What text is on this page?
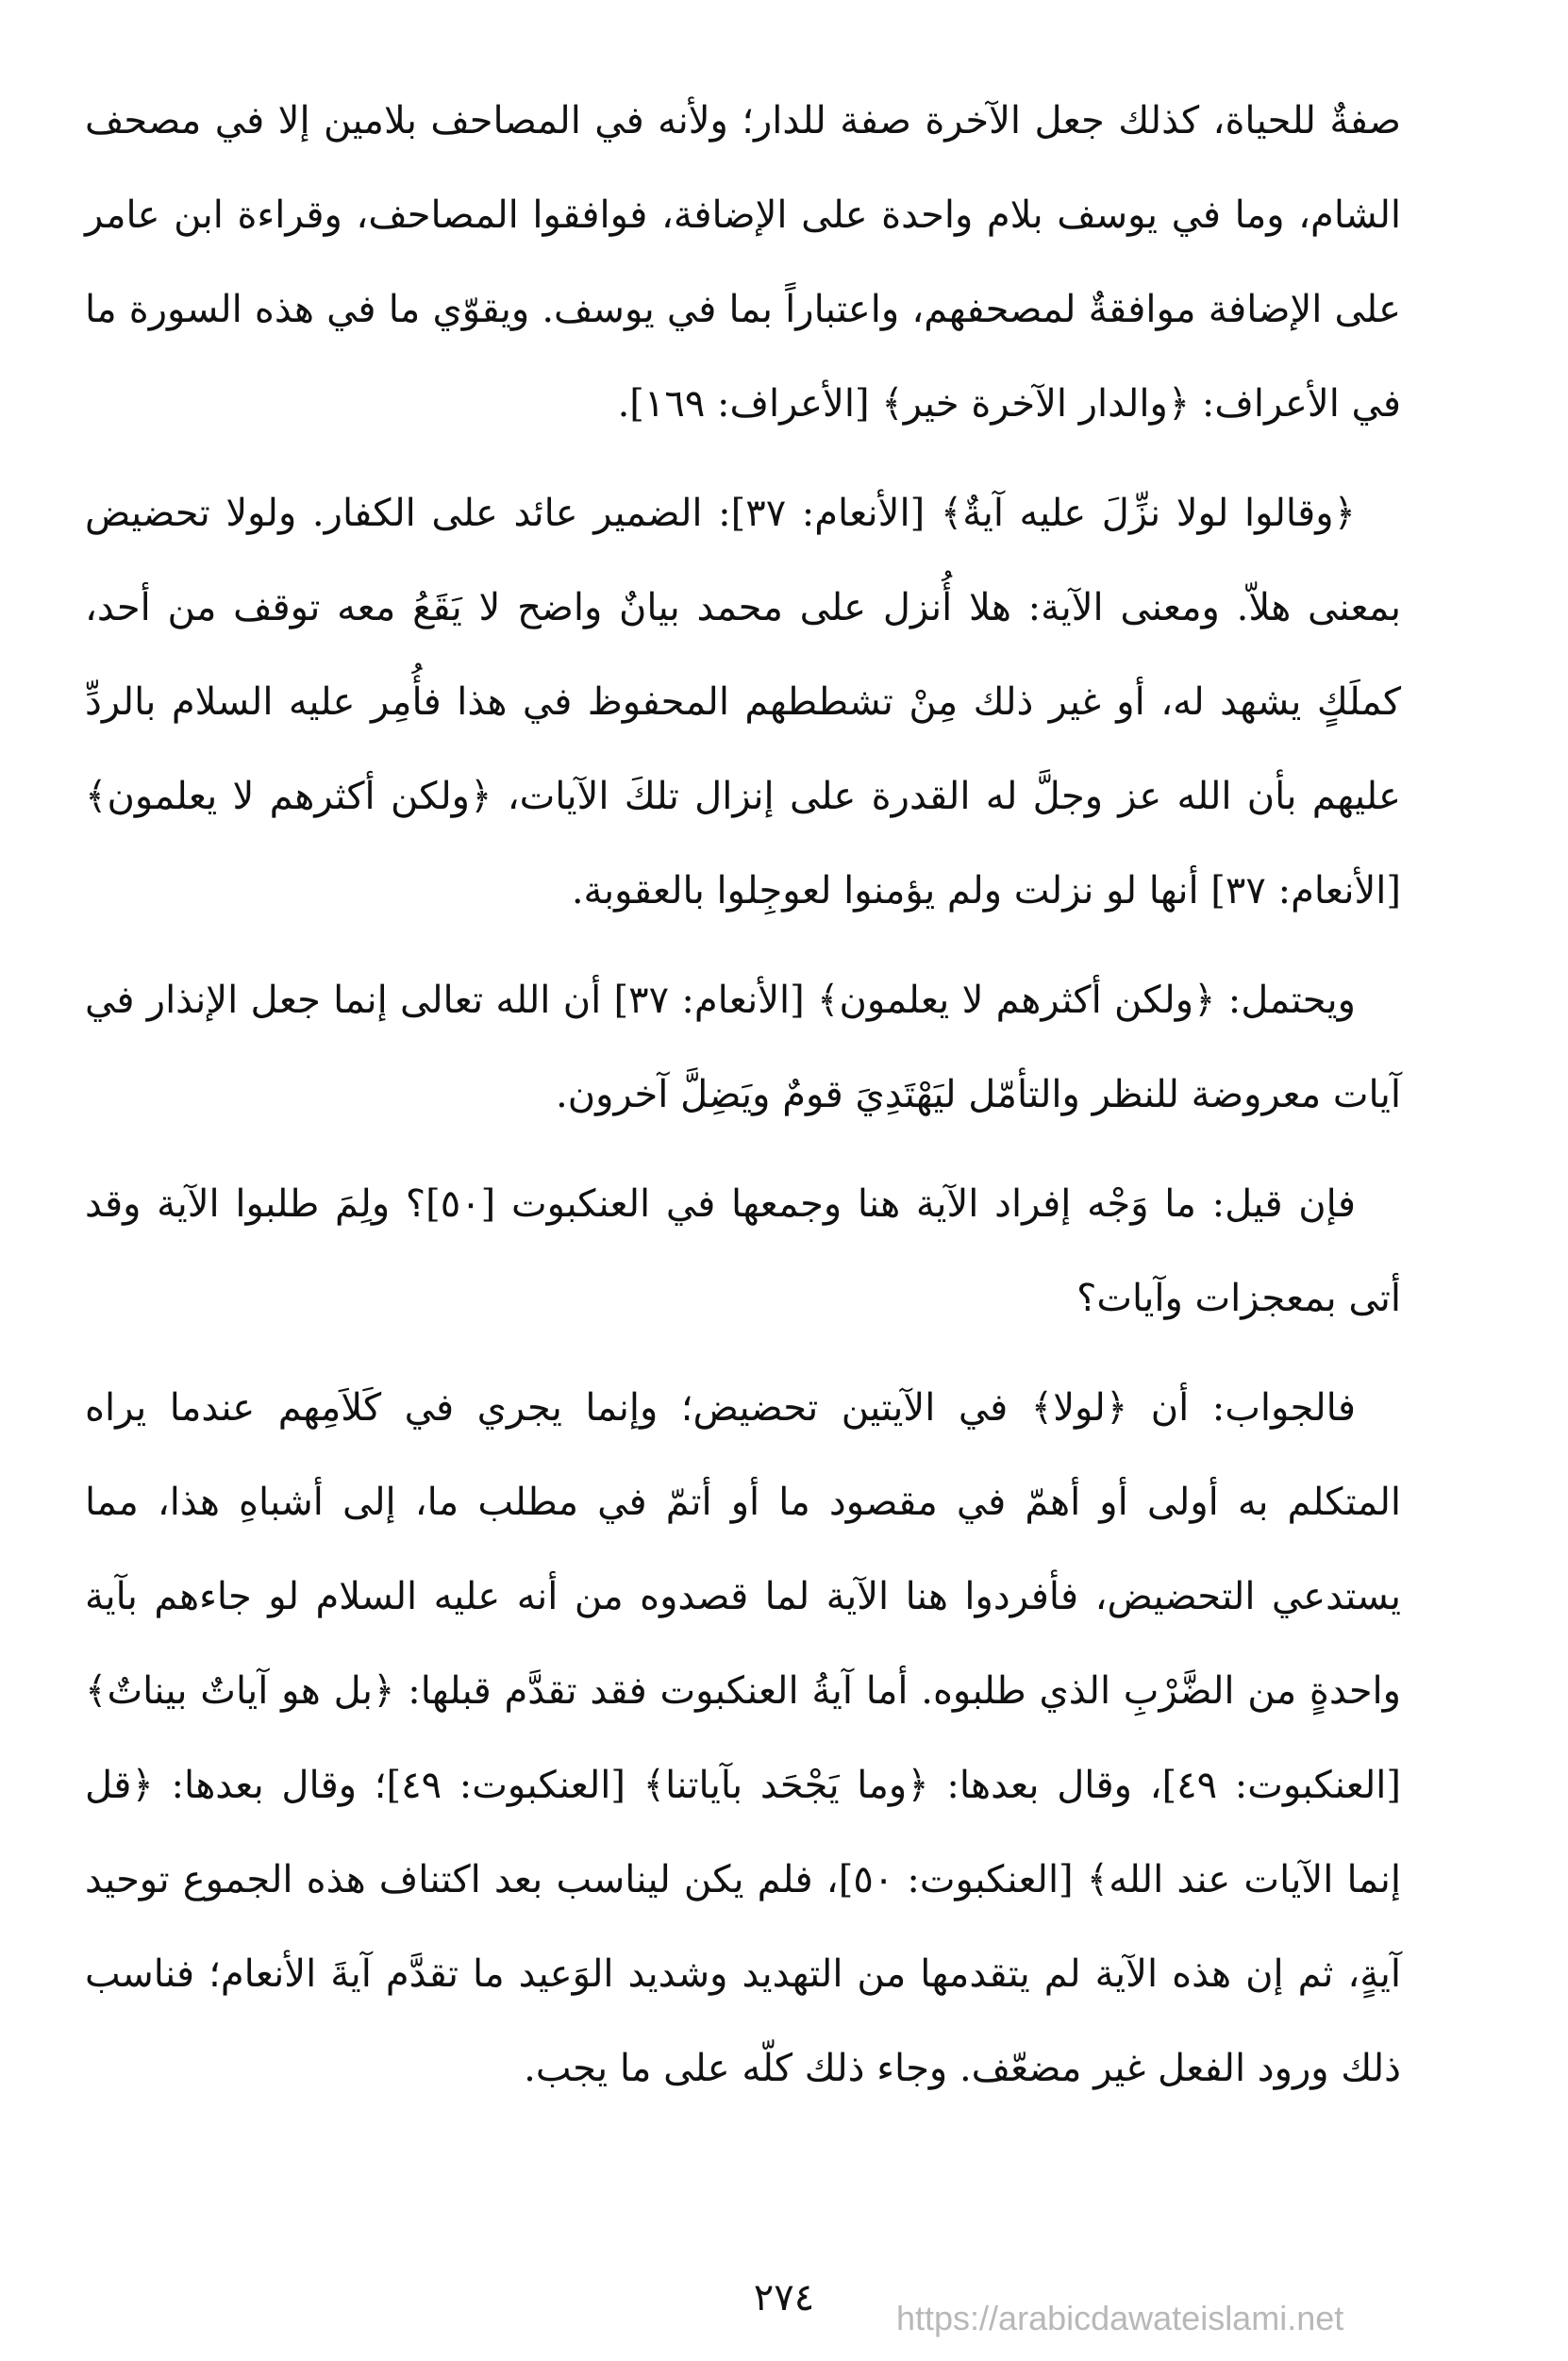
صفةٌ للحياة، كذلك جعل الآخرة صفة للدار؛ ولأنه في المصاحف بلامين إلا في مصحف الشام، وما في يوسف بلام واحدة على الإضافة، فوافقوا المصاحف، وقراءة ابن عامر على الإضافة موافقةٌ لمصحفهم، واعتباراً بما في يوسف. ويقوّي ما في هذه السورة ما في الأعراف: ﴿والدار الآخرة خير﴾ [الأعراف: ١٦٩].

﴿وقالوا لولا نزِّلَ عليه آيةٌ﴾ [الأنعام: ٣٧]: الضمير عائد على الكفار. ولولا تحضيض بمعنى هلاّ. ومعنى الآية: هلا أُنزل على محمد بيانٌ واضح لا يَقَعُ معه توقف من أحد، كملَكٍ يشهد له، أو غير ذلك مِنْ تشططهم المحفوظ في هذا فأُمِر عليه السلام بالردِّ عليهم بأن الله عز وجلَّ له القدرة على إنزال تلكَ الآيات، ﴿ولكن أكثرهم لا يعلمون﴾ [الأنعام: ٣٧] أنها لو نزلت ولم يؤمنوا لعوجِلوا بالعقوبة.

ويحتمل: ﴿ولكن أكثرهم لا يعلمون﴾ [الأنعام: ٣٧] أن الله تعالى إنما جعل الإنذار في آيات معروضة للنظر والتأمّل ليَهْتَدِيَ قومٌ ويَضِلَّ آخرون.

فإن قيل: ما وَجْه إفراد الآية هنا وجمعها في العنكبوت [٥٠]؟ ولِمَ طلبوا الآية وقد أتى بمعجزات وآيات؟

فالجواب: أن ﴿لولا﴾ في الآيتين تحضيض؛ وإنما يجري في كَلاَمِهم عندما يراه المتكلم به أولى أو أهمّ في مقصود ما أو أتمّ في مطلب ما، إلى أشباهِ هذا، مما يستدعي التحضيض، فأفردوا هنا الآية لما قصدوه من أنه عليه السلام لو جاءهم بآية واحدةٍ من الضَّرْبِ الذي طلبوه. أما آيةُ العنكبوت فقد تقدَّم قبلها: ﴿بل هو آياتٌ بيناتٌ﴾ [العنكبوت: ٤٩]، وقال بعدها: ﴿وما يَجْحَد بآياتنا﴾ [العنكبوت: ٤٩]؛ وقال بعدها: ﴿قل إنما الآيات عند الله﴾ [العنكبوت: ٥٠]، فلم يكن ليناسب بعد اكتناف هذه الجموع توحيد آيةٍ، ثم إن هذه الآية لم يتقدمها من التهديد وشديد الوَعيد ما تقدَّم آيةَ الأنعام؛ فناسب ذلك ورود الفعل غير مضعّف. وجاء ذلك كلّه على ما يجب.

٢٧٤	https://arabicdawateislami.net
